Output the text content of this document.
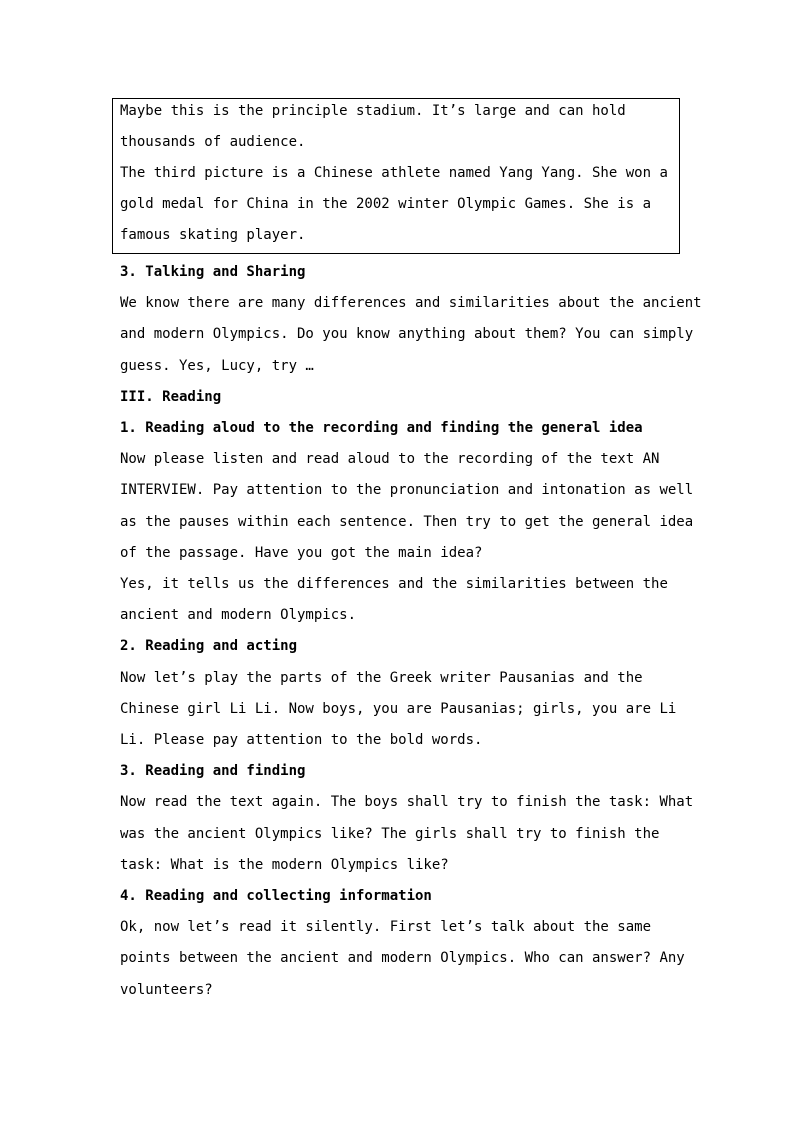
Maybe this is the principle stadium. It’s large and can hold
thousands of audience.
The third picture is a Chinese athlete named Yang Yang. She won a
gold medal for China in the 2002 winter Olympic Games. She is a
famous skating player.
3. Talking and Sharing
We know there are many differences and similarities about the ancient
and modern Olympics. Do you know anything about them? You can simply
guess. Yes, Lucy, try …
III. Reading
1. Reading aloud to the recording and finding the general idea
Now please listen and read aloud to the recording of the text AN
INTERVIEW. Pay attention to the pronunciation and intonation as well
as the pauses within each sentence. Then try to get the general idea
of the passage. Have you got the main idea?
Yes, it tells us the differences and the similarities between the
ancient and modern Olympics.
2. Reading and acting
Now let’s play the parts of the Greek writer Pausanias and the
Chinese girl Li Li. Now boys, you are Pausanias; girls, you are Li
Li. Please pay attention to the bold words.
3. Reading and finding
Now read the text again. The boys shall try to finish the task: What
was the ancient Olympics like? The girls shall try to finish the
task: What is the modern Olympics like?
4. Reading and collecting information
Ok, now let’s read it silently. First let’s talk about the same
points between the ancient and modern Olympics. Who can answer? Any
volunteers?
